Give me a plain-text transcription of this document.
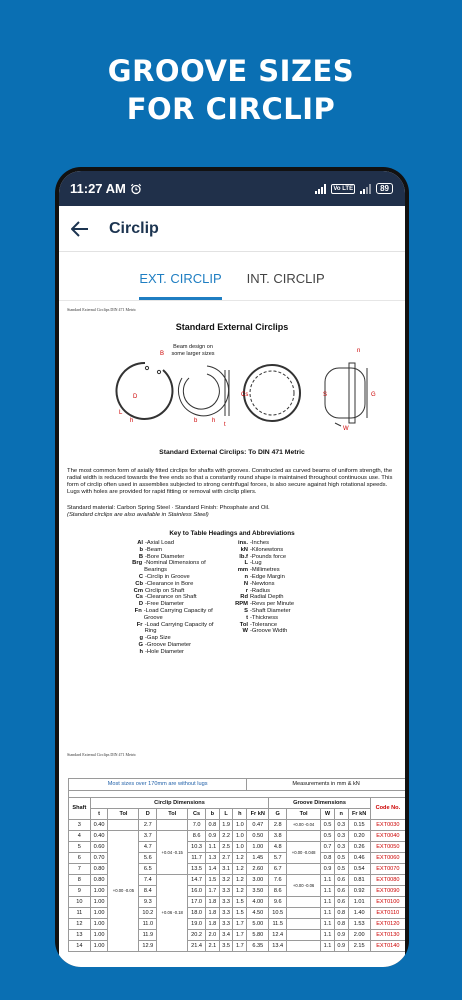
GROOVE SIZES
FOR CIRCLIP
11:27 AM	Vo LTE	89
Circlip
EXT. CIRCLIP INT. CIRCLIP
Standard External Circlips DIN 471 Metric
Standard External Circlips
D
B
h	b
L
h
t
Cs	S	G
W
n
Beam design on some larger sizes
Standard External Circlips: To DIN 471 Metric
The most common form of axially fitted circlips for shafts with grooves. Constructed as curved beams of uniform strength, the radial width is reduced towards the free ends so that a constantly round shape is maintained throughout continuous use. This form of circlip often used in assemblies subjected to strong centrifugal forces, is also secure against high rotational speeds. Lugs with holes are provided for rapid fitting or removal with circlip pliers.
Standard material: Carbon Spring Steel · Standard Finish: Phosphate and Oil.
(Standard circlips are also available in Stainless Steel)
Key to Table Headings and Abbreviations
Al -Axial Load
b -Beam
B -Bore Diameter
Brg -Nominal Dimensions of Bearings
C -Circlip in Groove
Cb -Clearance in Bore
Cm Circlip on Shaft
Cs -Clearance on Shaft
D -Free Diameter
Fn -Load Carrying Capacity of Groove
Fr -Load Carrying Capacity of Ring
g -Gap Size
G -Groove Diameter
h -Hole Diameter
ins. -Inches
kN -Kilonewtons
lb.f -Pounds force
L -Lug
mm -Millimetres
n -Edge Margin
N -Newtons
r -Radius
Rd Radial Depth
RPM -Revs per Minute
S -Shaft Diameter
t -Thickness
Tol -Tolerance
W -Groove Width
Standard External Circlips DIN 471 Metric
Most sizes over 170mm are without lugs									Measurements in mm & kN						

Shaft	Circlip Dimensions									Groove Dimensions					Code No.
	t	Tol	D	Tol	Cs	b	L	h	Fr kN	G	Tol	W	n	Fr kN	
3	0.40		2.7		7.0	0.8	1.9	1.0	0.47	2.8	+0.00 -0.04	0.5	0.3	0.15	EXT0030
4	0.40	+0.00 -0.05	3.7	+0.04 -0.15	8.6	0.9	2.2	1.0	0.50	3.8		0.5	0.3	0.20	EXT0040
5	0.60		4.7		10.3	1.1	2.5	1.0	1.00	4.8	+0.00 -0.048	0.7	0.3	0.26	EXT0050
6	0.70		5.6		11.7	1.3	2.7	1.2	1.45	5.7		0.8	0.5	0.46	EXT0060
7	0.80		6.5		13.5	1.4	3.1	1.2	2.60	6.7		0.9	0.5	0.54	EXT0070
8	0.80		7.4	+0.06 -0.18	14.7	1.5	3.2	1.2	3.00	7.6	+0.00 -0.06	1.1	0.6	0.81	EXT0080
9	1.00		8.4		16.0	1.7	3.3	1.2	3.50	8.6		1.1	0.6	0.92	EXT0090
10	1.00		9.3		17.0	1.8	3.3	1.5	4.00	9.6		1.1	0.6	1.01	EXT0100
11	1.00		10.2		18.0	1.8	3.3	1.5	4.50	10.5		1.1	0.8	1.40	EXT0110
12	1.00		11.0		19.0	1.8	3.3	1.7	5.00	11.5		1.1	0.8	1.53	EXT0120
13	1.00		11.9		20.2	2.0	3.4	1.7	5.80	12.4		1.1	0.9	2.00	EXT0130
14	1.00		12.9		21.4	2.1	3.5	1.7	6.35	13.4		1.1	0.9	2.15	EXT0140
